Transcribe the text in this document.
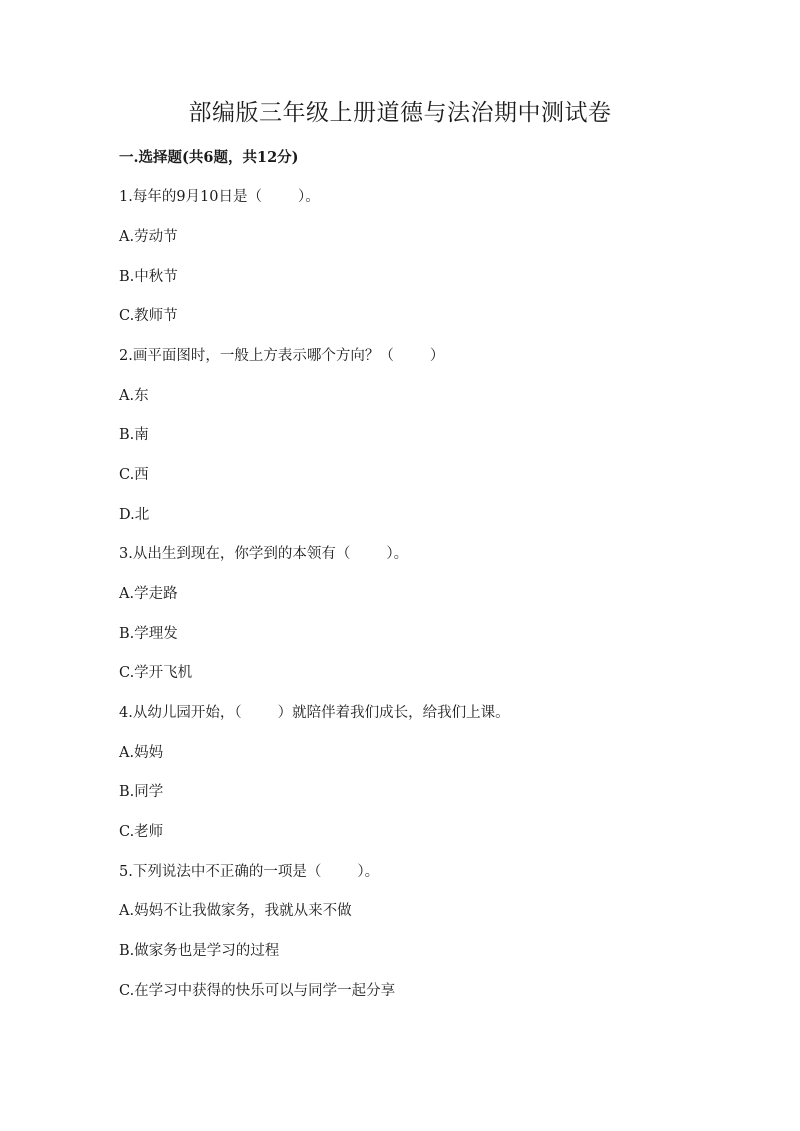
部编版三年级上册道德与法治期中测试卷
一.选择题(共6题，共12分)
1.每年的9月10日是（ ）。
A.劳动节
B.中秋节
C.教师节
2.画平面图时，一般上方表示哪个方向？（ ）
A.东
B.南
C.西
D.北
3.从出生到现在，你学到的本领有（ ）。
A.学走路
B.学理发
C.学开飞机
4.从幼儿园开始，（ ）就陪伴着我们成长，给我们上课。
A.妈妈
B.同学
C.老师
5.下列说法中不正确的一项是（ ）。
A.妈妈不让我做家务，我就从来不做
B.做家务也是学习的过程
C.在学习中获得的快乐可以与同学一起分享
